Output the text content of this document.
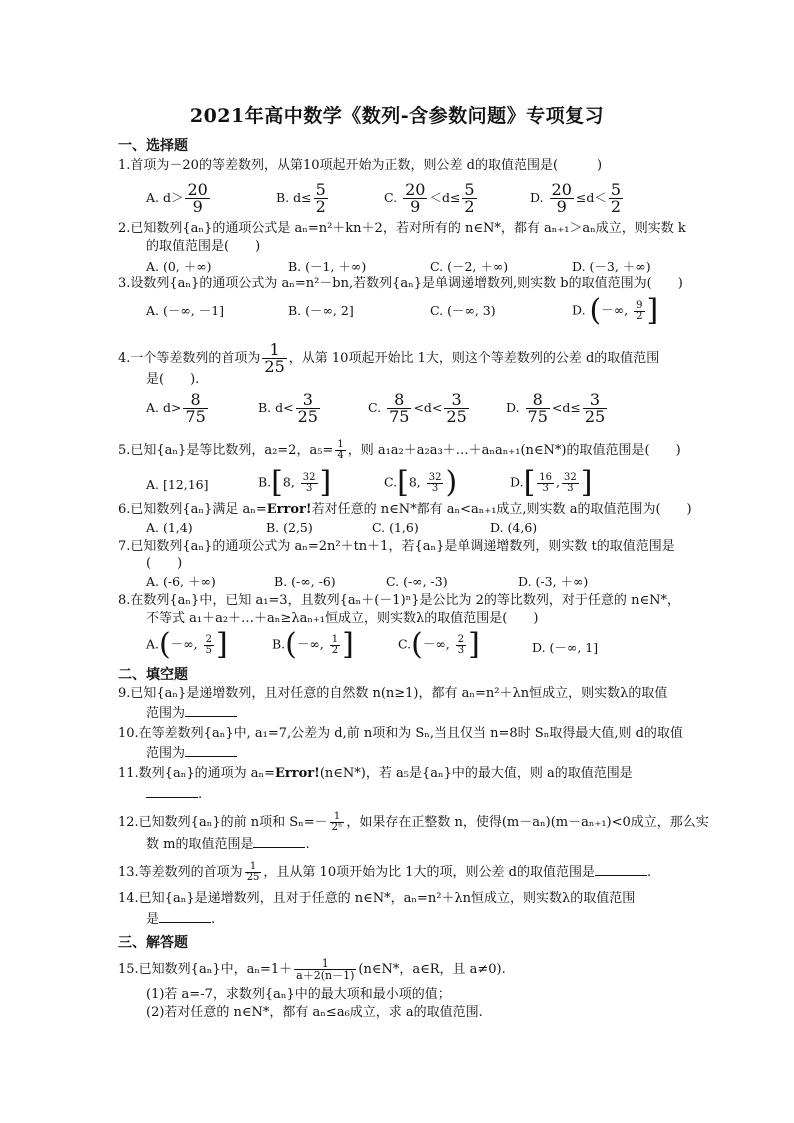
2021年高中数学《数列-含参数问题》专项复习
一、选择题
1.首项为－20的等差数列，从第10项起开始为正数，则公差 d的取值范围是(　　　)
A. $d> \frac{20}{9}$	B. $d\le \frac{5}{2}$	C. $\frac{20}{9} <d\le \frac{5}{2}$	D. $\frac{20}{9} \le d< \frac{5}{2}$
2.已知数列{aₙ}的通项公式是 aₙ=n²＋kn＋2，若对所有的 n∈N*，都有 aₙ₊₁＞aₙ成立，则实数 k
的取值范围是(　　)
A. (0, ＋∞)	B. (－1, ＋∞)	C. (－2, ＋∞)	D. (－3, ＋∞)
3.设数列{aₙ}的通项公式为 aₙ=n²－bn,若数列{aₙ}是单调递增数列,则实数 b的取值范围为(　　)
A. (－∞, －1]	B. (－∞, 2]	C. (－∞, 3)	D. (－∞, $\frac{9}{2}$ ]
4.一个等差数列的首项为 $\frac{1}{25}$ ，从第 10项起开始比 1大，则这个等差数列的公差 d的取值范围
是(　　).
A. $d> \frac{8}{75}$	B. $d< \frac{3}{25}$	C. $\frac{8}{75} <d< \frac{3}{25}$	D. $\frac{8}{75} <d\le \frac{3}{25}$
5.已知{aₙ}是等比数列，a₂=2，$a_5= \frac{1}{4}$ ，则 a₁a₂＋a₂a₃＋…＋aₙaₙ₊₁(n∈N*)的取值范围是(　　)
A. [12,16]	B.[8, $\frac{32}{3}$ ]	C.[8, $\frac{32}{3}$ )	$D.[ \frac{16}{3}$ , $\frac{32}{3}$ ]
6.已知数列{aₙ}满足 aₙ=Error!若对任意的 n∈N*都有 aₙ<aₙ₊₁成立,则实数 a的取值范围为(　　)
A. (1,4)	B. (2,5)	C. (1,6)	D. (4,6)
7.已知数列{aₙ}的通项公式为 aₙ=2n²＋tn＋1，若{aₙ}是单调递增数列，则实数 t的取值范围是
(　　)
A. (-6, ＋∞)	B. (-∞, -6)	C. (-∞, -3)	D. (-3, ＋∞)
8.在数列{aₙ}中，已知 a₁=3，且数列{aₙ＋(－1)ⁿ}是公比为 2的等比数列，对于任意的 n∈N*，
不等式 a₁＋a₂＋…＋aₙ≥λaₙ₊₁恒成立，则实数λ的取值范围是(　　)
A.(－∞, $\frac{2}{5}$ ]	B.(－∞, $\frac{1}{2}$ ]	C.(－∞, $\frac{2}{3}$ ]	D. (－∞, 1]
二、填空题
9.已知{aₙ}是递增数列，且对任意的自然数 n(n≥1)，都有 aₙ=n²＋λn恒成立，则实数λ的取值
范围为
10.在等差数列{aₙ}中, a₁=7,公差为 d,前 n项和为 Sₙ,当且仅当 n=8时 Sₙ取得最大值,则 d的取值
范围为
11.数列{aₙ}的通项为 aₙ=Error!(n∈N*)，若 a₅是{aₙ}中的最大值，则 a的取值范围是
.
12.已知数列{aₙ}的前 n项和 $S_n=- \frac{1}{\text{2ⁿ}}$ ，如果存在正整数 n，使得(m－aₙ)(m－aₙ₊₁)<0成立，那么实
数 m的取值范围是	.
13.等差数列的首项为 $\frac{1}{25}$ ，且从第 10项开始为比 1大的项，则公差 d的取值范围是	.
14.已知{aₙ}是递增数列，且对于任意的 n∈N*，aₙ=n²＋λn恒成立，则实数λ的取值范围
是	.
三、解答题
15.已知数列{aₙ}中，$a_n=1+ \frac{1}{a+2(n-1)}$ (n∈N*，a∈R，且 a≠0).
(1)若 a=-7，求数列{aₙ}中的最大项和最小项的值；
(2)若对任意的 n∈N*，都有 aₙ≤a₆成立，求 a的取值范围.
